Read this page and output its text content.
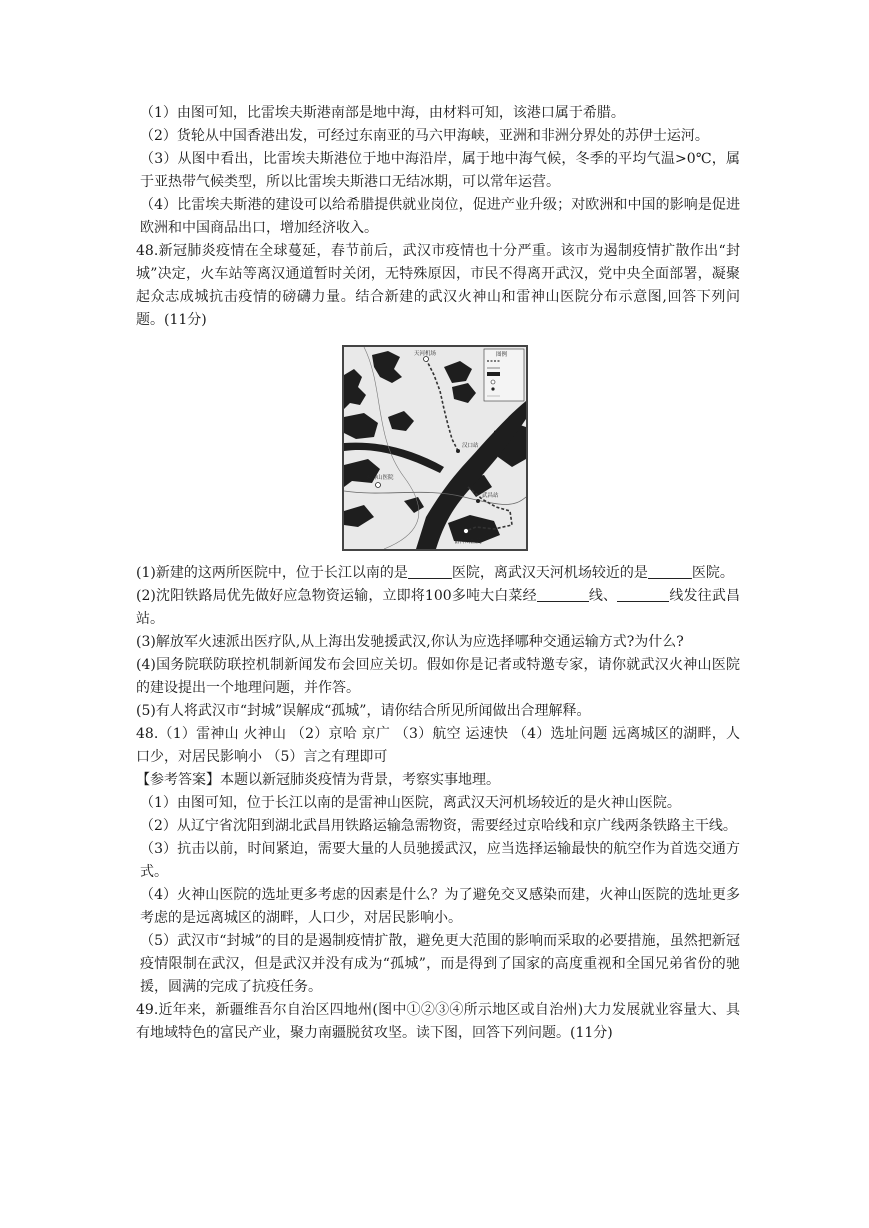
（1）由图可知，比雷埃夫斯港南部是地中海，由材料可知，该港口属于希腊。

（2）货轮从中国香港出发，可经过东南亚的马六甲海峡，亚洲和非洲分界处的苏伊士运河。

（3）从图中看出，比雷埃夫斯港位于地中海沿岸，属于地中海气候，冬季的平均气温>0℃，属于亚热带气候类型，所以比雷埃夫斯港口无结冰期，可以常年运营。

（4）比雷埃夫斯港的建设可以给希腊提供就业岗位，促进产业升级；对欧洲和中国的影响是促进欧洲和中国商品出口，增加经济收入。

48.新冠肺炎疫情在全球蔓延，春节前后，武汉市疫情也十分严重。该市为遏制疫情扩散作出“封城”决定，火车站等离汉通道暂时关闭，无特殊原因，市民不得离开武汉，党中央全面部署，凝聚起众志成城抗击疫情的磅礴力量。结合新建的武汉火神山和雷神山医院分布示意图,回答下列问题。(11分)

天河机场
汉口站
火神山医院
武昌站
雷神山医院
图例

(1)新建的这两所医院中，位于长江以南的是	医院，离武汉天河机场较近的是	医院。

(2)沈阳铁路局优先做好应急物资运输，立即将100多吨大白菜经	线、	线发往武昌站。

(3)解放军火速派出医疗队,从上海出发驰援武汉,你认为应选择哪种交通运输方式?为什么?

(4)国务院联防联控机制新闻发布会回应关切。假如你是记者或特邀专家，请你就武汉火神山医院的建设提出一个地理问题，并作答。

(5)有人将武汉市“封城”误解成“孤城”，请你结合所见所闻做出合理解释。

48.（1）雷神山 火神山 （2）京哈 京广 （3）航空 运速快 （4）选址问题 远离城区的湖畔，人口少，对居民影响小 （5）言之有理即可

【参考答案】本题以新冠肺炎疫情为背景，考察实事地理。

（1）由图可知，位于长江以南的是雷神山医院，离武汉天河机场较近的是火神山医院。

（2）从辽宁省沈阳到湖北武昌用铁路运输急需物资，需要经过京哈线和京广线两条铁路主干线。

（3）抗击以前，时间紧迫，需要大量的人员驰援武汉，应当选择运输最快的航空作为首选交通方式。

（4）火神山医院的选址更多考虑的因素是什么？为了避免交叉感染而建，火神山医院的选址更多考虑的是远离城区的湖畔，人口少，对居民影响小。

（5）武汉市“封城”的目的是遏制疫情扩散，避免更大范围的影响而采取的必要措施，虽然把新冠疫情限制在武汉，但是武汉并没有成为“孤城”，而是得到了国家的高度重视和全国兄弟省份的驰援，圆满的完成了抗疫任务。

49.近年来，新疆维吾尔自治区四地州(图中①②③④所示地区或自治州)大力发展就业容量大、具有地域特色的富民产业，聚力南疆脱贫攻坚。读下图，回答下列问题。(11分)
